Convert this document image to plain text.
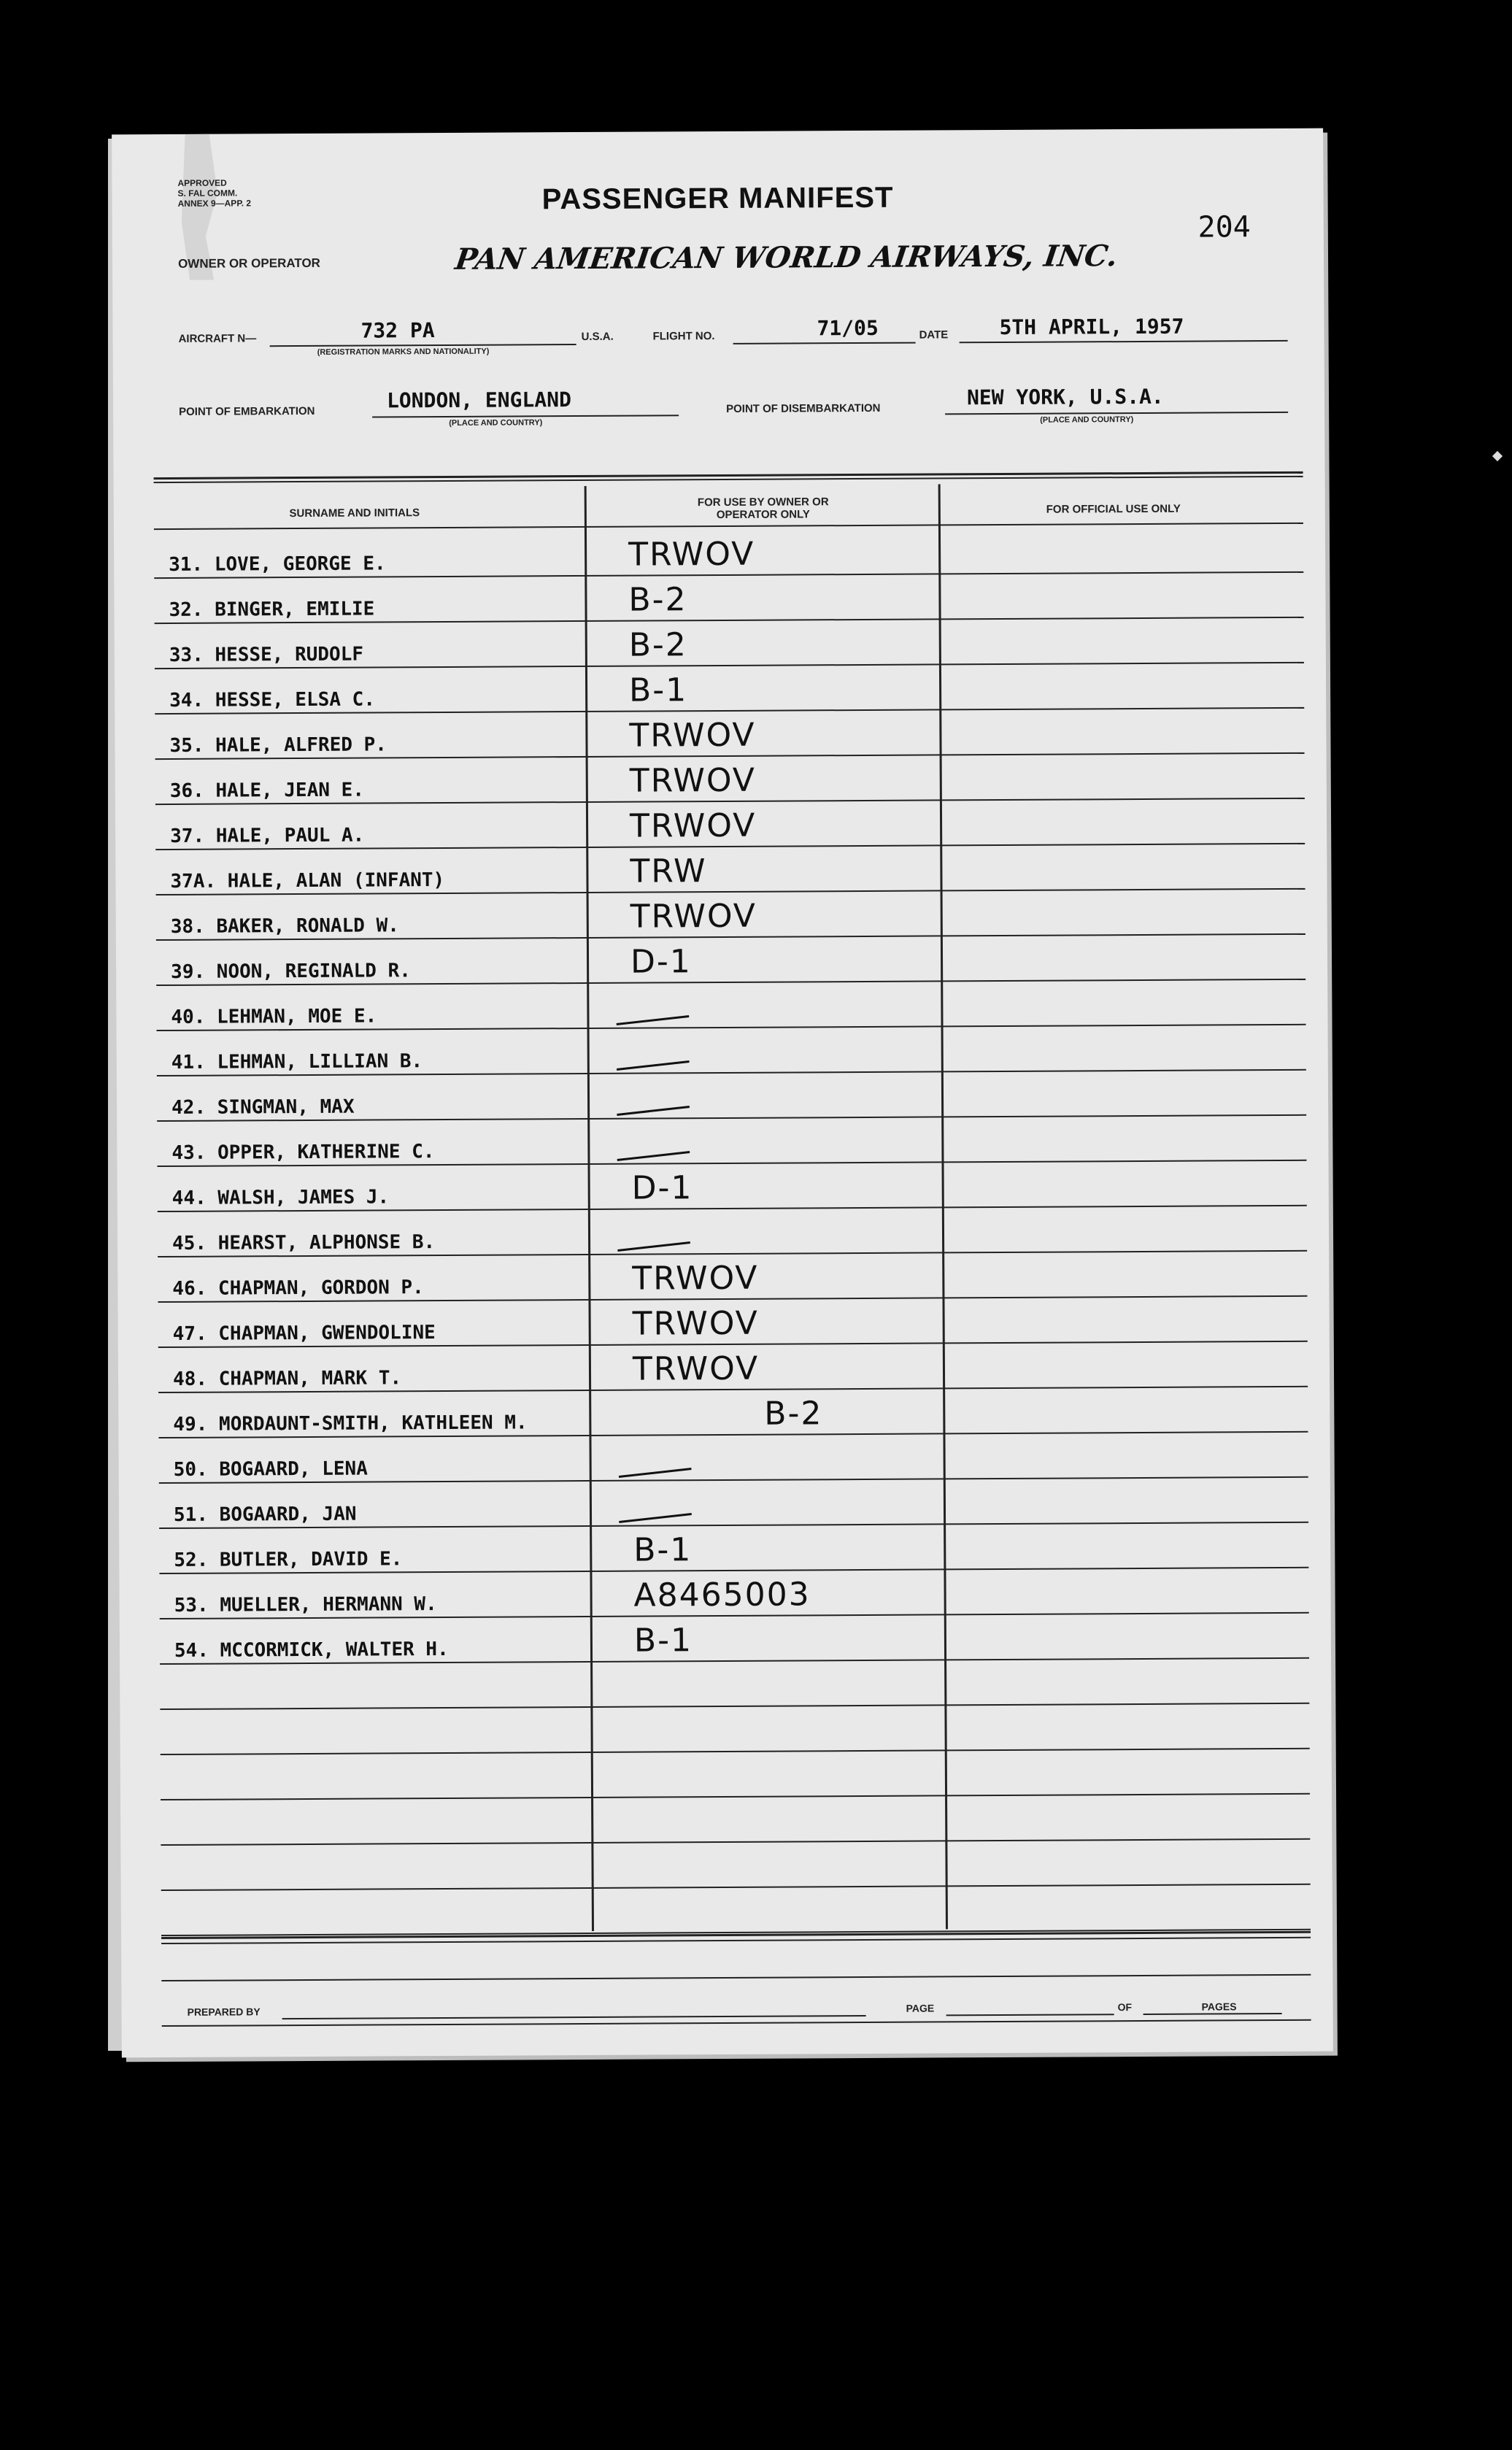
APPROVED
S. FAL COMM.
ANNEX 9—APP. 2	PASSENGER MANIFEST
204
OWNER OR OPERATOR	PAN AMERICAN WORLD AIRWAYS, INC.
AIRCRAFT N—	732 PA
(REGISTRATION MARKS AND NATIONALITY)
U.S.A.	FLIGHT NO.	71/05	DATE	5TH APRIL, 1957
POINT OF EMBARKATION	LONDON, ENGLAND
(PLACE AND COUNTRY)
POINT OF DISEMBARKATION	NEW YORK, U.S.A.
(PLACE AND COUNTRY)
SURNAME AND INITIALS
FOR USE BY OWNER OR OPERATOR ONLY	FOR OFFICIAL USE ONLY
31. LOVE, GEORGE E.	TRWOV
32. BINGER, EMILIE	B-2
33. HESSE, RUDOLF	B-2
34. HESSE, ELSA C.	B-1
35. HALE, ALFRED P.	TRWOV
36. HALE, JEAN E.	TRWOV
37. HALE, PAUL A.	TRWOV
37A. HALE, ALAN (INFANT)	TRW
38. BAKER, RONALD W.	TRWOV
39. NOON, REGINALD R.	D-1
40. LEHMAN, MOE E.
41. LEHMAN, LILLIAN B.
42. SINGMAN, MAX
43. OPPER, KATHERINE C.
44. WALSH, JAMES J.	D-1
45. HEARST, ALPHONSE B.
46. CHAPMAN, GORDON P.	TRWOV
47. CHAPMAN, GWENDOLINE	TRWOV
48. CHAPMAN, MARK T.	TRWOV
49. MORDAUNT-SMITH, KATHLEEN M.	B-2
50. BOGAARD, LENA
51. BOGAARD, JAN
52. BUTLER, DAVID E.	B-1
53. MUELLER, HERMANN W.	A8465003
54. MCCORMICK, WALTER H.	B-1
PREPARED BY	PAGE	OF	PAGES
